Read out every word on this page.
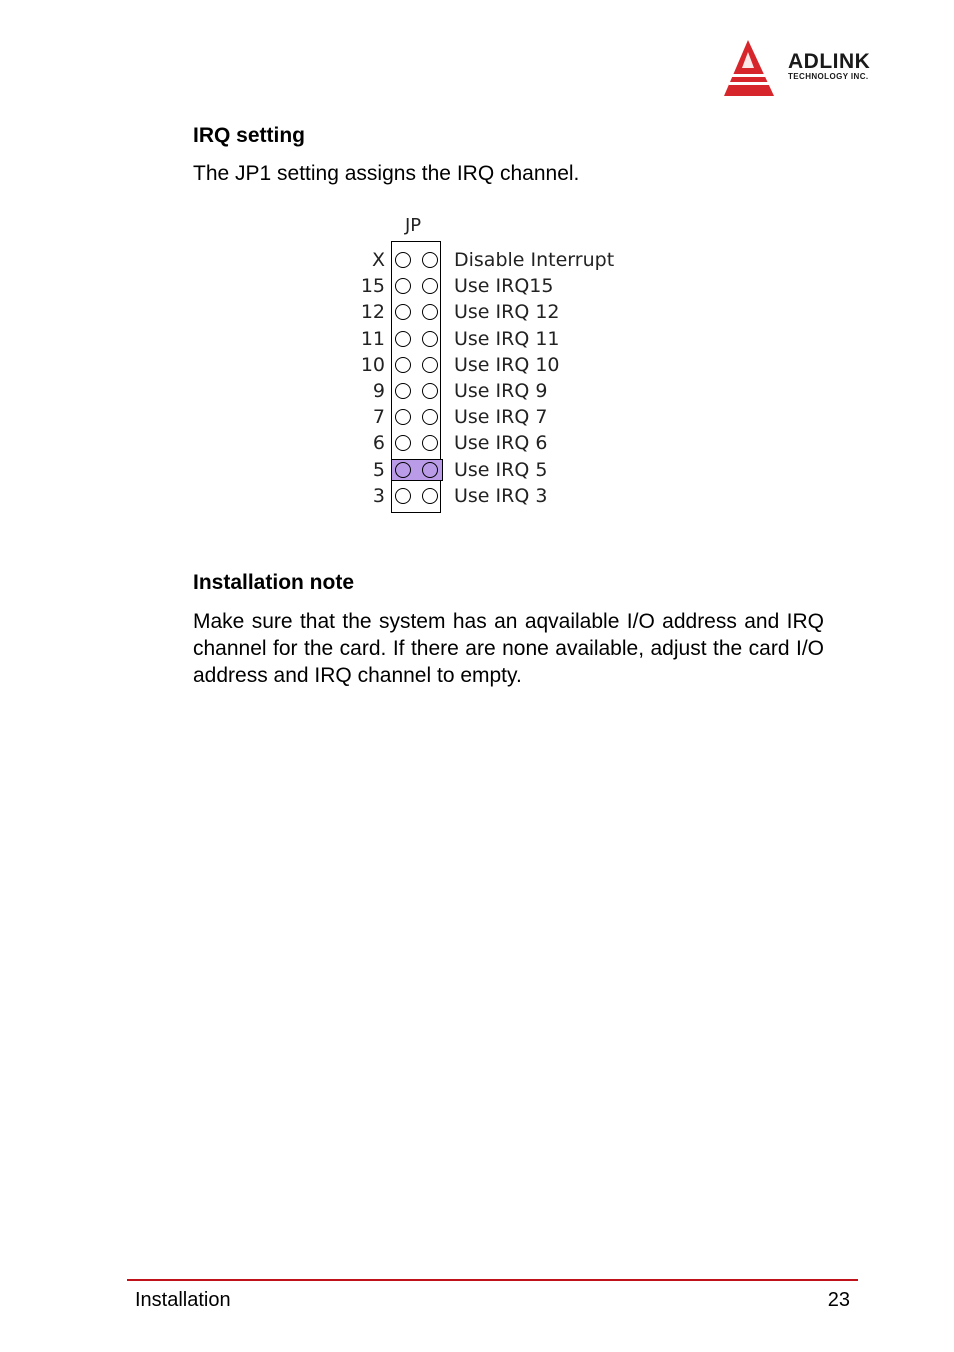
ADLINK
TECHNOLOGY INC.
IRQ setting
The JP1 setting assigns the IRQ channel.
JP
X	Disable Interrupt
15	Use IRQ15
12	Use IRQ 12
11	Use IRQ 11
10	Use IRQ 10
9	Use IRQ 9
7	Use IRQ 7
6	Use IRQ 6
5	Use IRQ 5
3	Use IRQ 3
Installation note
Make sure that the system has an aqvailable I/O address and IRQ channel for the card. If there are none available, adjust the card I/O address and IRQ channel to empty.
Installation	23
